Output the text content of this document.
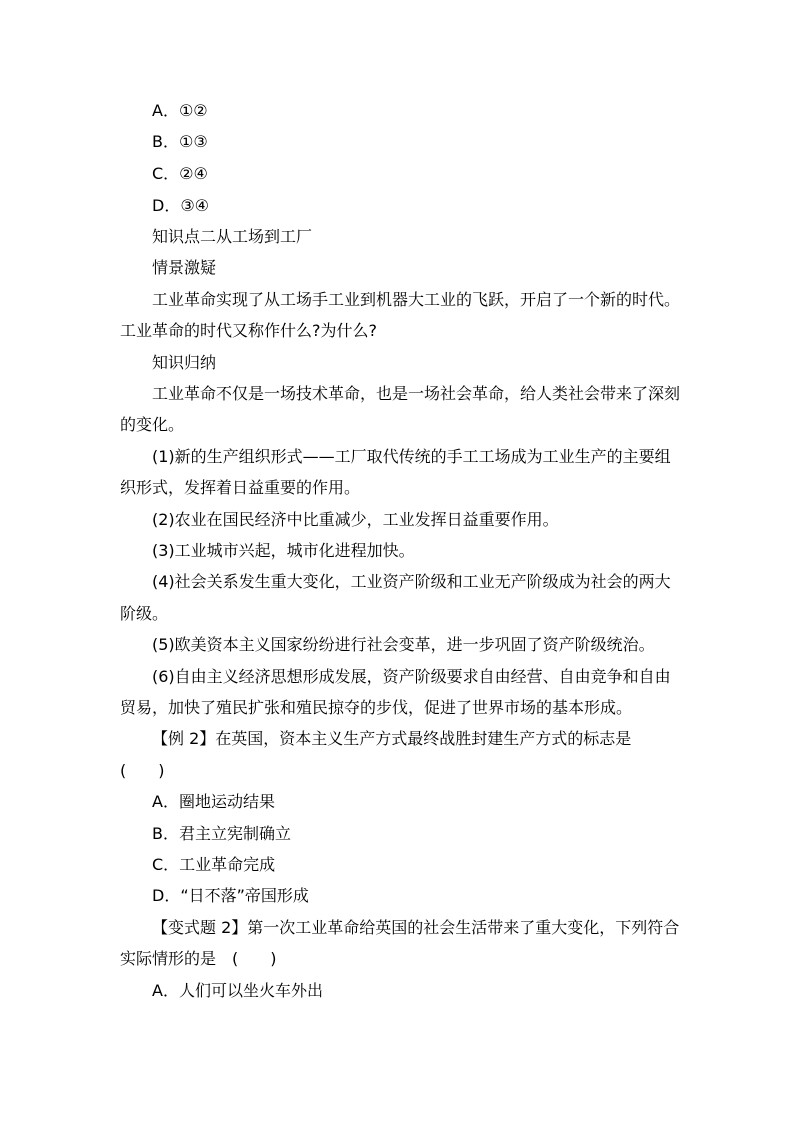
A．①②
B．①③
C．②④
D．③④
知识点二从工场到工厂
情景激疑
工业革命实现了从工场手工业到机器大工业的飞跃，开启了一个新的时代。
工业革命的时代又称作什么?为什么?
知识归纳
工业革命不仅是一场技术革命，也是一场社会革命，给人类社会带来了深刻
的变化。
(1)新的生产组织形式——工厂取代传统的手工工场成为工业生产的主要组
织形式，发挥着日益重要的作用。
(2)农业在国民经济中比重减少，工业发挥日益重要作用。
(3)工业城市兴起，城市化进程加快。
(4)社会关系发生重大变化，工业资产阶级和工业无产阶级成为社会的两大
阶级。
(5)欧美资本主义国家纷纷进行社会变革，进一步巩固了资产阶级统治。
(6)自由主义经济思想形成发展，资产阶级要求自由经营、自由竞争和自由
贸易，加快了殖民扩张和殖民掠夺的步伐，促进了世界市场的基本形成。
【例 2】在英国，资本主义生产方式最终战胜封建生产方式的标志是
(　　)
A．圈地运动结果
B．君主立宪制确立
C．工业革命完成
D．“日不落”帝国形成
【变式题 2】第一次工业革命给英国的社会生活带来了重大变化，下列符合
实际情形的是　(　　)
A．人们可以坐火车外出
